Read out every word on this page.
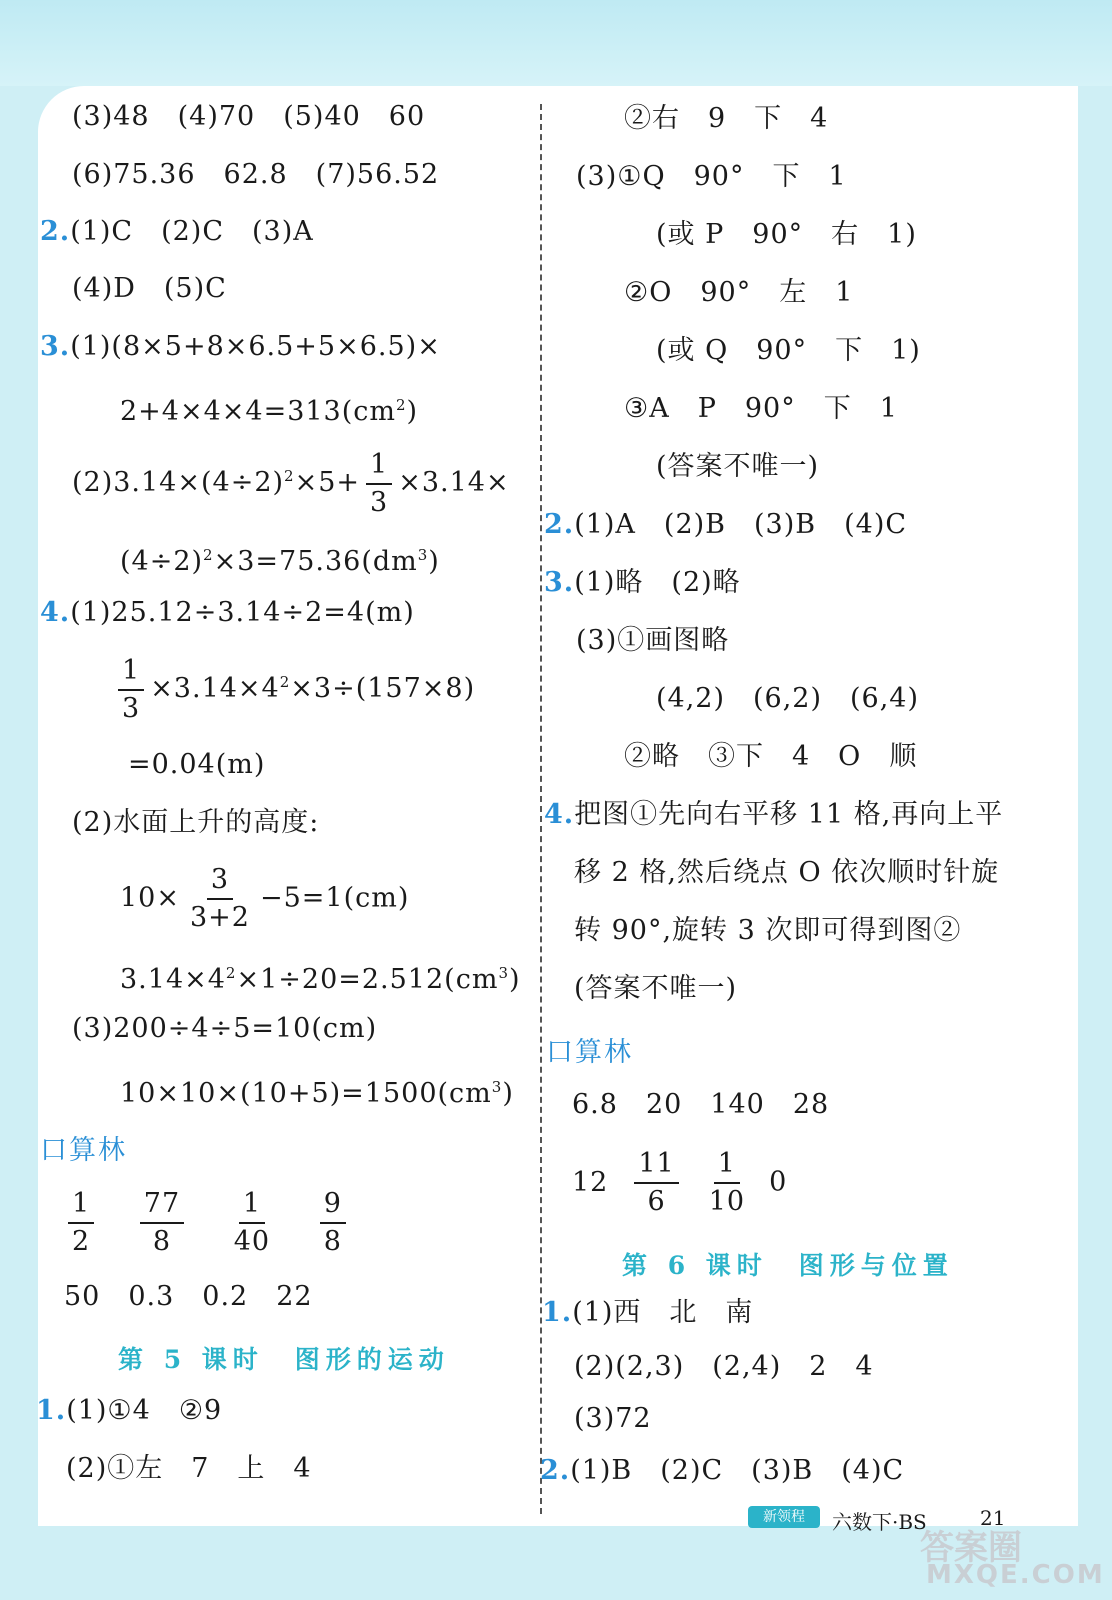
(3)48　(4)70　(5)40　60
(6)75.36　62.8　(7)56.52
2.(1)C　(2)C　(3)A
(4)D　(5)C
3.(1)(8×5+8×6.5+5×6.5)×
$2+4\times 4\times 4=313(cm^2)$
$(2)3.14\times(4\div 2)^2\times 5+ \frac{1}{3} \times 3.14\times$
$(4\div 2)^2\times 3=75.36(dm^3)$
4.(1)25.12÷3.14÷2=4(m)
$\frac{1}{3} \times 3.14\times 4^2\times 3\div(157\times 8)$
=0.04(m)
(2)水面上升的高度:
$10\times \frac{3}{3+2} -5=1(cm)$
$3.14\times 4^2\times 1\div 20=2.512(cm^3)$
(3)200÷4÷5=10(cm)
$10\times 10\times(10+5)=1500(cm^3)$
口算林
$\frac{1}{2}$
$\frac{77}{8}$
$\frac{1}{40}$
$\frac{9}{8}$
50　0.3　0.2　22
第 5 课时　图形的运动
1.(1)①4　②9
(2)①左　7　上　4
②右　9　下　4
(3)①Q　90°　下　1
(或 P　90°　右　1)
②O　90°　左　1
(或 Q　90°　下　1)
③A　P　90°　下　1
(答案不唯一)
2.(1)A　(2)B　(3)B　(4)C
3.(1)略　(2)略
(3)①画图略
(4,2)　(6,2)　(6,4)
②略　③下　4　O　顺
4.把图①先向右平移 11 格,再向上平
移 2 格,然后绕点 O 依次顺时针旋
转 90°,旋转 3 次即可得到图②
(答案不唯一)
口算林
6.8　20　140　28
$12 \frac{11}{6} \frac{1}{10} 0$
第 6 课时　图形与位置
1.(1)西　北　南
(2)(2,3)　(2,4)　2　4
(3)72
2.(1)B　(2)C　(3)B　(4)C
新领程	六数下·BS	21
答案圈
MXQE.COM
